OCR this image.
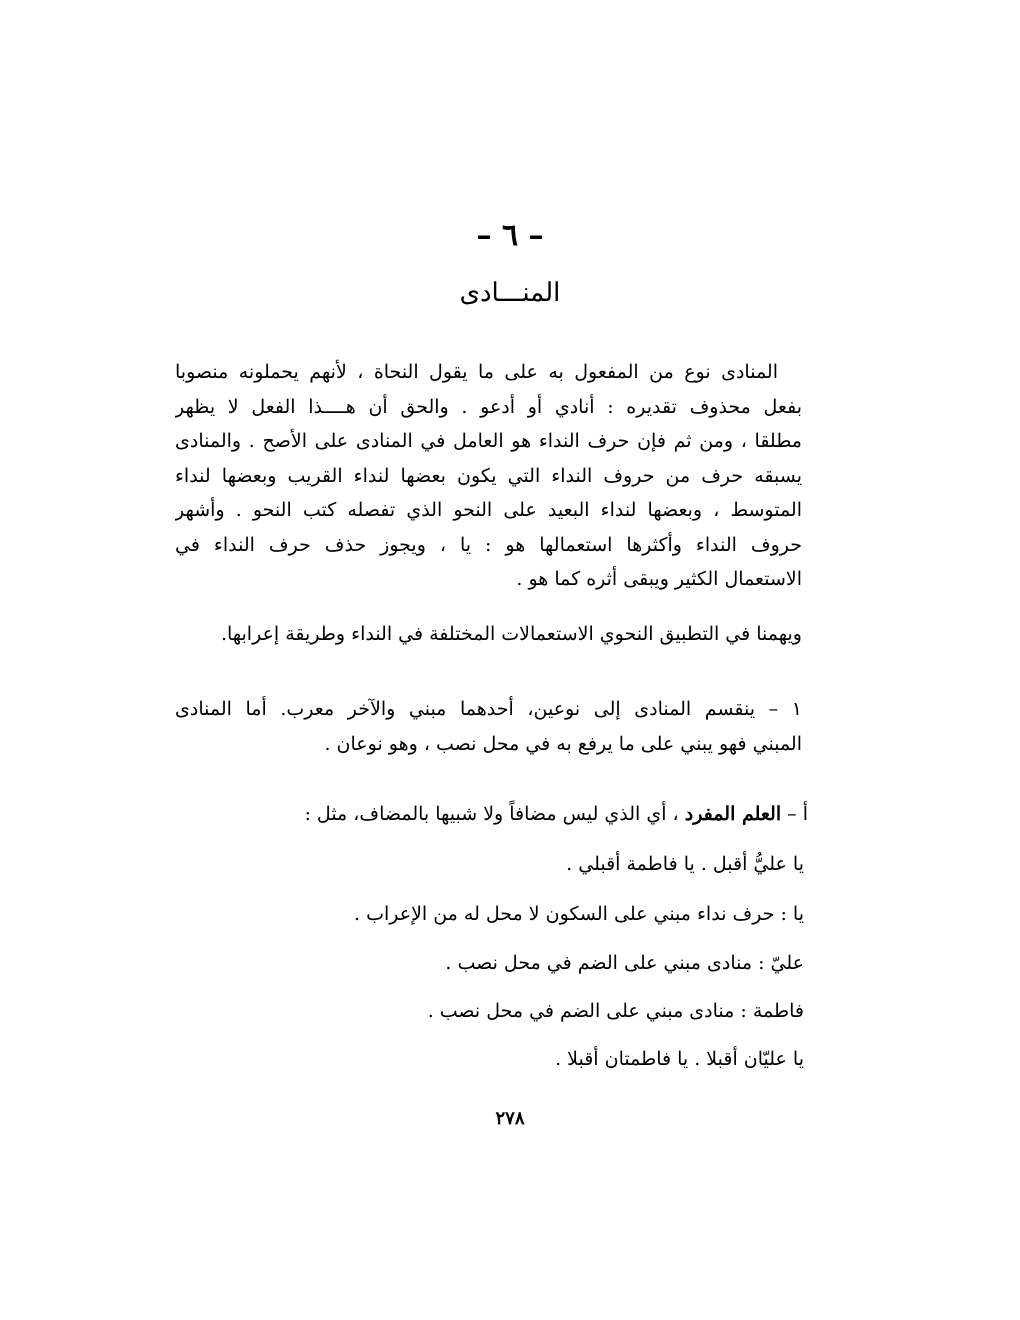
– ٦ –
المنـــادى
المنادى نوع من المفعول به على ما يقول النحاة ، لأنهم يحملونه منصوبا
بفعل محذوف تقديره : أنادي أو أدعو . والحق أن هــــذا الفعل لا يظهر
مطلقا ، ومن ثم فإن حرف النداء هو العامل في المنادى على الأصح . والمنادى
يسبقه حرف من حروف النداء التي يكون بعضها لنداء القريب وبعضها لنداء
المتوسط ، وبعضها لنداء البعيد على النحو الذي تفصله كتب النحو . وأشهر
حروف النداء وأكثرها استعمالها هو : يا ، ويجوز حذف حرف النداء في
الاستعمال الكثير ويبقى أثره كما هو .
ويهمنا في التطبيق النحوي الاستعمالات المختلفة في النداء وطريقة إعرابها.
١ – ينقسم المنادى إلى نوعين، أحدهما مبني والآخر معرب. أما المنادى
المبني فهو يبني على ما يرفع به في محل نصب ، وهو نوعان .
أ – العلم المفرد ، أي الذي ليس مضافاً ولا شبيها بالمضاف، مثل :
يا عليُّ أقبل . يا فاطمة أقبلي .
يا : حرف نداء مبني على السكون لا محل له من الإعراب .
عليّ : منادى مبني على الضم في محل نصب .
فاطمة : منادى مبني على الضم في محل نصب .
يا عليّان أقبلا . يا فاطمتان أقبلا .
٢٧٨
